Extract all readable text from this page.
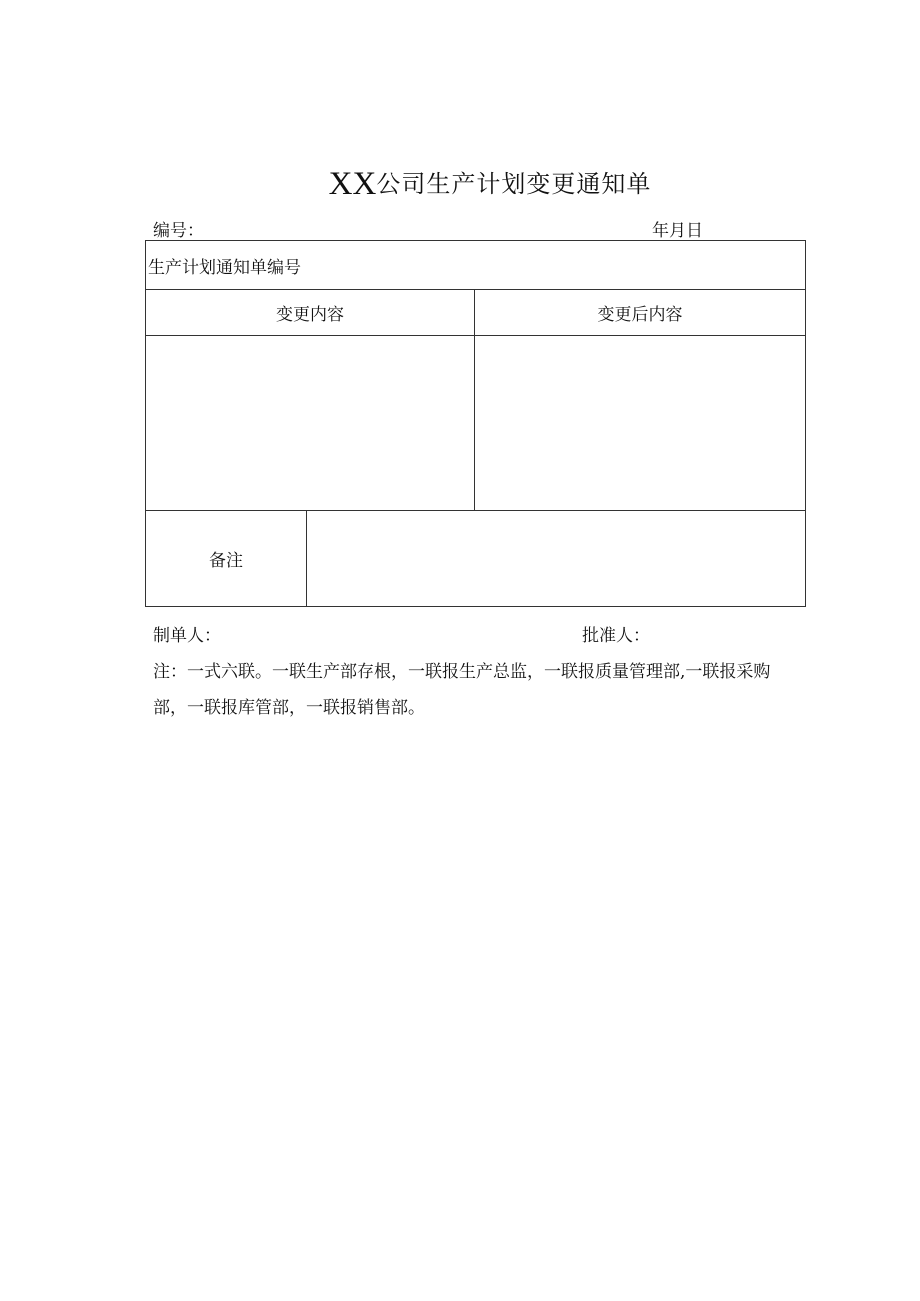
XX公司生产计划变更通知单
编号：	年月日
生产计划通知单编号		
变更内容		变更后内容

备注		
制单人：	批准人：
注：一式六联。一联生产部存根，一联报生产总监，一联报质量管理部,一联报采购部，一联报库管部，一联报销售部。
